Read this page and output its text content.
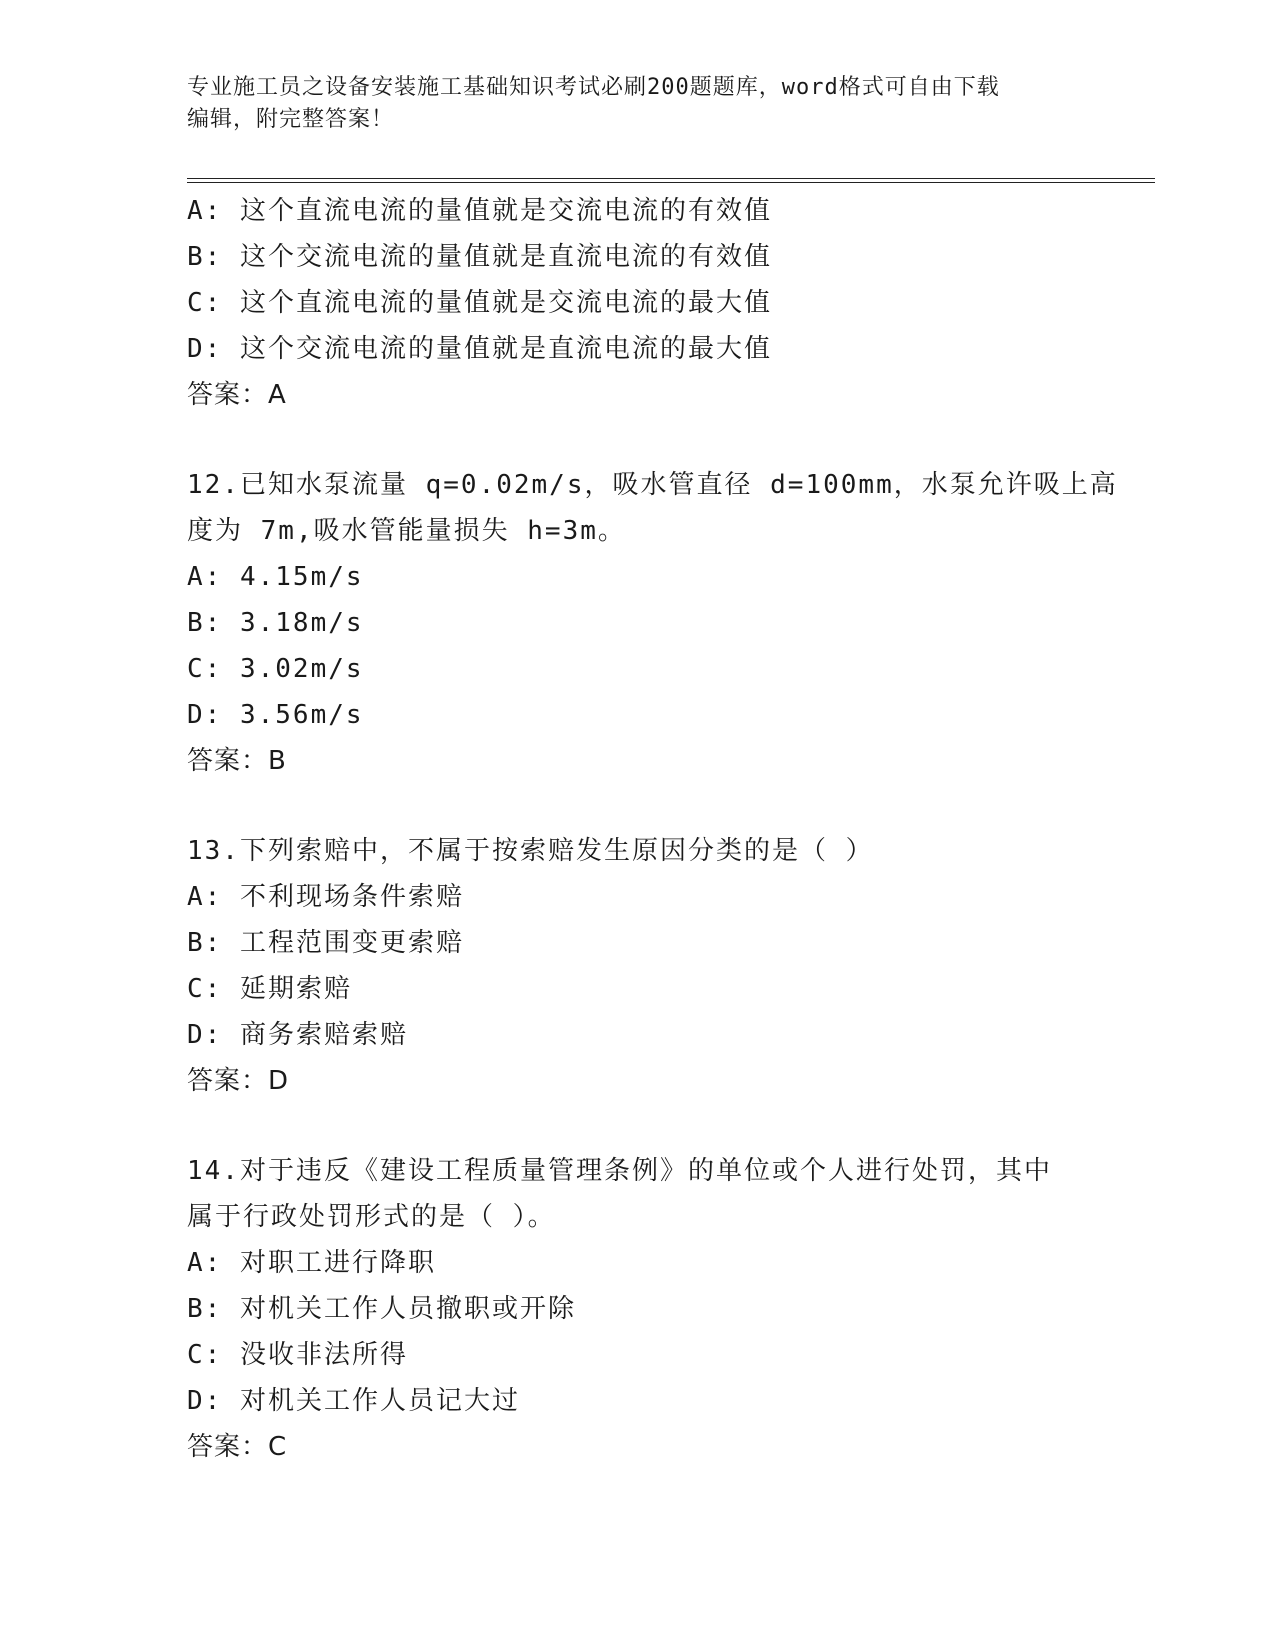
专业施工员之设备安装施工基础知识考试必刷200题题库，word格式可自由下载
编辑，附完整答案！
A: 这个直流电流的量值就是交流电流的有效值
B: 这个交流电流的量值就是直流电流的有效值
C: 这个直流电流的量值就是交流电流的最大值
D: 这个交流电流的量值就是直流电流的最大值
答案：A
12.已知水泵流量 q=0.02m/s，吸水管直径 d=100mm，水泵允许吸上高
度为 7m,吸水管能量损失 h=3m。
A: 4.15m/s
B: 3.18m/s
C: 3.02m/s
D: 3.56m/s
答案：B
13.下列索赔中，不属于按索赔发生原因分类的是（ ）
A: 不利现场条件索赔
B: 工程范围变更索赔
C: 延期索赔
D: 商务索赔索赔
答案：D
14.对于违反《建设工程质量管理条例》的单位或个人进行处罚，其中
属于行政处罚形式的是（ ）。
A: 对职工进行降职
B: 对机关工作人员撤职或开除
C: 没收非法所得
D: 对机关工作人员记大过
答案：C
